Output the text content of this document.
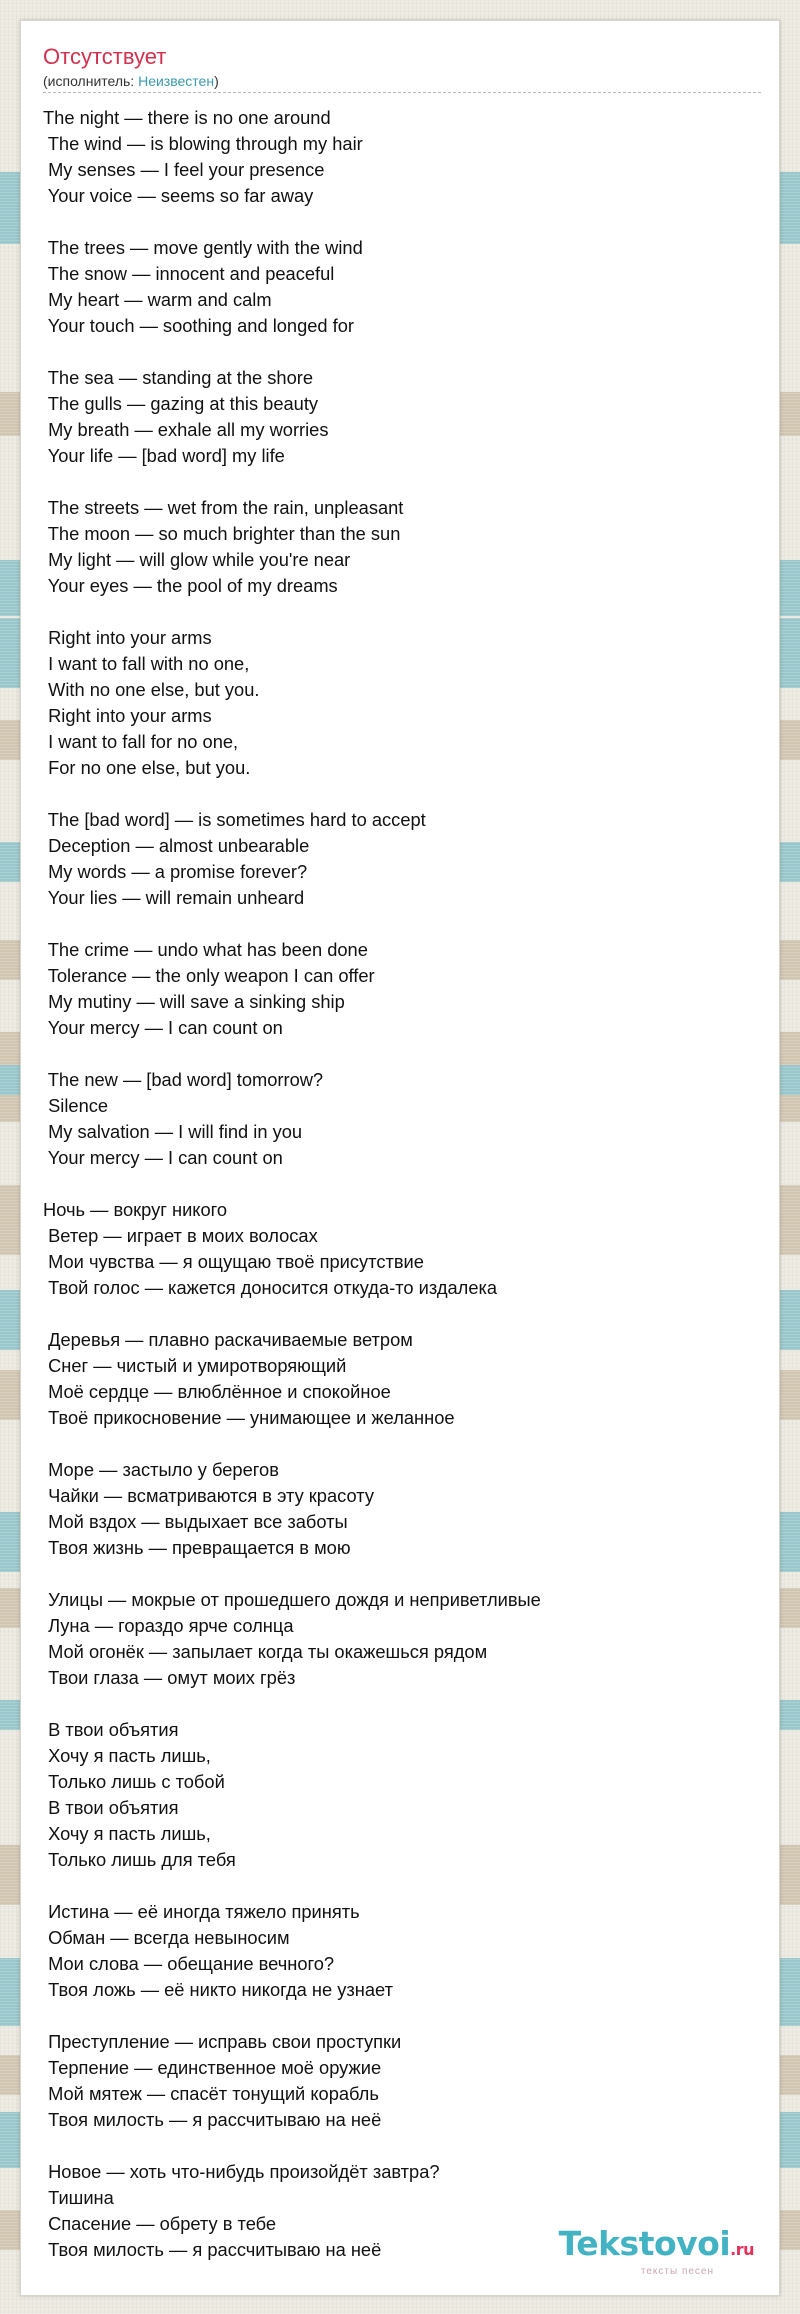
Отсутствует
(исполнитель: Неизвестен)
The night — there is no one around
The wind — is blowing through my hair
My senses — I feel your presence
Your voice — seems so far away
The trees — move gently with the wind
The snow — innocent and peaceful
My heart — warm and calm
Your touch — soothing and longed for
The sea — standing at the shore
The gulls — gazing at this beauty
My breath — exhale all my worries
Your life — [bad word] my life
The streets — wet from the rain, unpleasant
The moon — so much brighter than the sun
My light — will glow while you're near
Your eyes — the pool of my dreams
Right into your arms
I want to fall with no one,
With no one else, but you.
Right into your arms
I want to fall for no one,
For no one else, but you.
The [bad word] — is sometimes hard to accept
Deception — almost unbearable
My words — a promise forever?
Your lies — will remain unheard
The crime — undo what has been done
Tolerance — the only weapon I can offer
My mutiny — will save a sinking ship
Your mercy — I can count on
The new — [bad word] tomorrow?
Silence
My salvation — I will find in you
Your mercy — I can count on
Ночь — вокруг никого
Ветер — играет в моих волосах
Мои чувства — я ощущаю твоё присутствие
Твой голос — кажется доносится откуда-то издалека
Деревья — плавно раскачиваемые ветром
Снег — чистый и умиротворяющий
Моё сердце — влюблённое и спокойное
Твоё прикосновение — унимающее и желанное
Море — застыло у берегов
Чайки — всматриваются в эту красоту
Мой вздох — выдыхает все заботы
Твоя жизнь — превращается в мою
Улицы — мокрые от прошедшего дождя и неприветливые
Луна — гораздо ярче солнца
Мой огонёк — запылает когда ты окажешься рядом
Твои глаза — омут моих грёз
В твои объятия
Хочу я пасть лишь,
Только лишь с тобой
В твои объятия
Хочу я пасть лишь,
Только лишь для тебя
Истина — её иногда тяжело принять
Обман — всегда невыносим
Мои слова — обещание вечного?
Твоя ложь — её никто никогда не узнает
Преступление — исправь свои проступки
Терпение — единственное моё оружие
Мой мятеж — спасёт тонущий корабль
Твоя милость — я рассчитываю на неё
Новое — хоть что-нибудь произойдёт завтра?
Тишина
Спасение — обрету в тебе
Твоя милость — я рассчитываю на неё	Tekstovoi.ru
тексты песен
